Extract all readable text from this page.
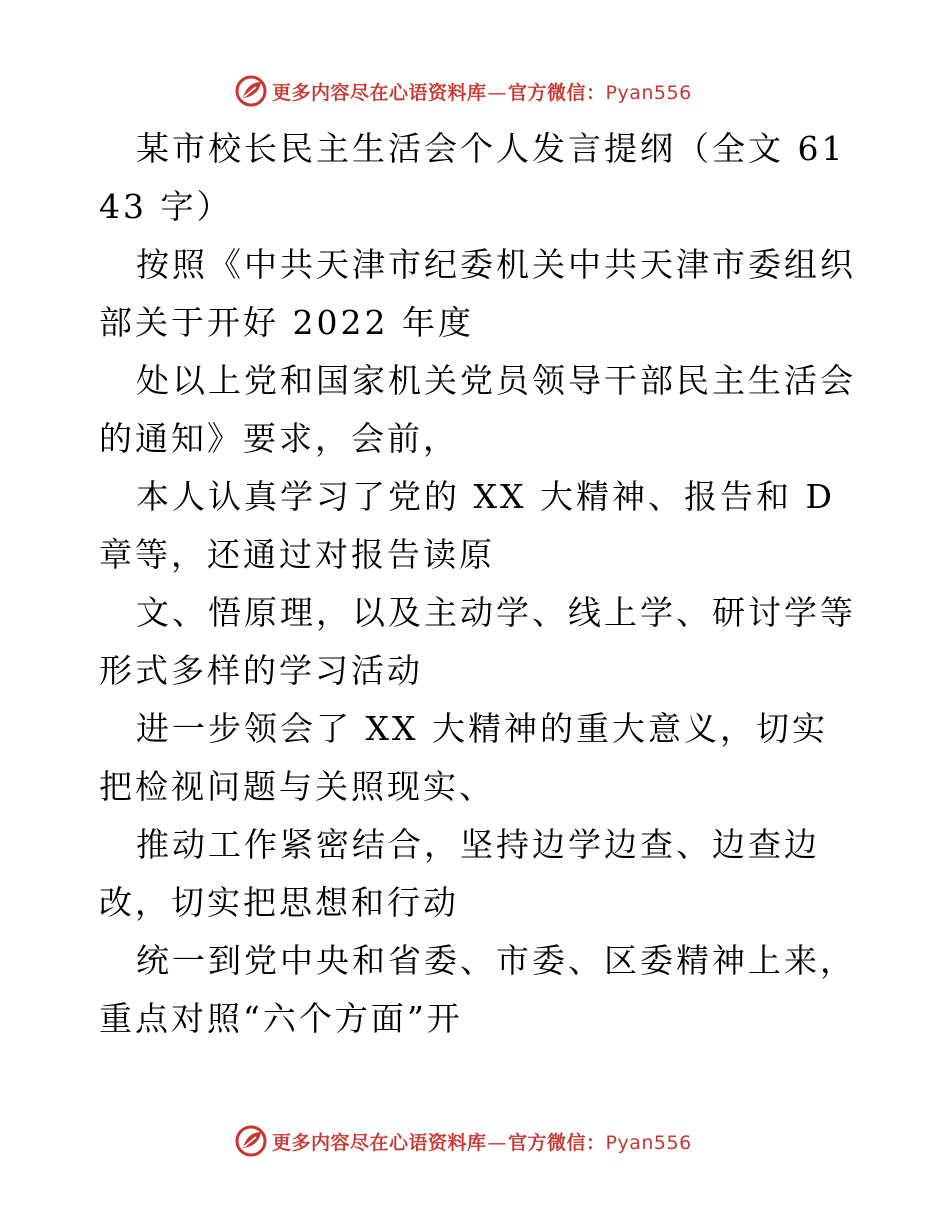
更多内容尽在心语资料库—官方微信：Pyan556

某市校长民主生活会个人发言提纲（全文 6143 字）

按照《中共天津市纪委机关中共天津市委组织部关于开好 2022 年度

处以上党和国家机关党员领导干部民主生活会的通知》要求，会前，

本人认真学习了党的 XX 大精神、报告和 D章等，还通过对报告读原

文、悟原理，以及主动学、线上学、研讨学等形式多样的学习活动

进一步领会了 XX 大精神的重大意义，切实把检视问题与关照现实、

推动工作紧密结合，坚持边学边查、边查边改，切实把思想和行动

统一到党中央和省委、市委、区委精神上来，重点对照“六个方面”开

更多内容尽在心语资料库—官方微信：Pyan556
